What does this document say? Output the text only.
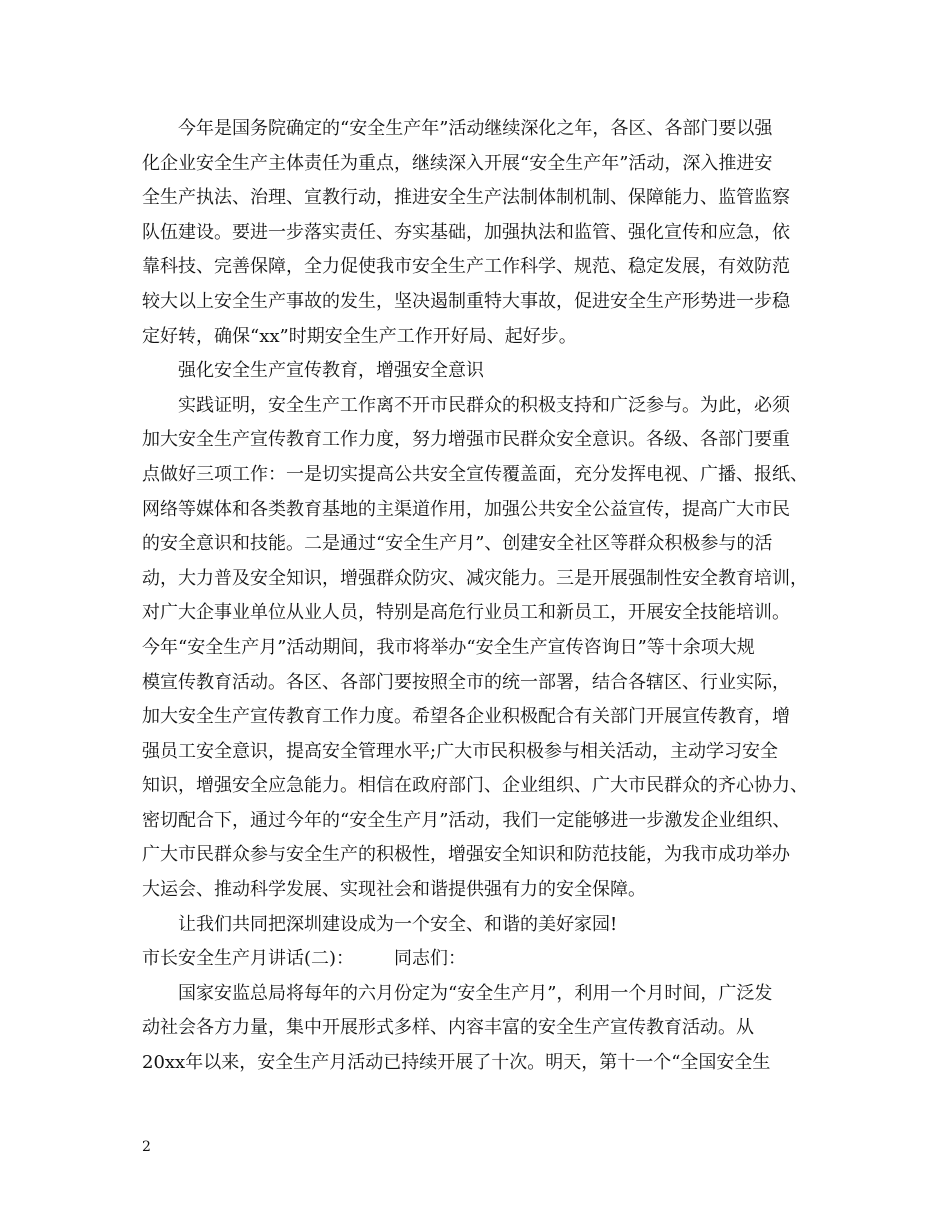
今年是国务院确定的“安全生产年”活动继续深化之年，各区、各部门要以强
化企业安全生产主体责任为重点，继续深入开展“安全生产年”活动，深入推进安
全生产执法、治理、宣教行动，推进安全生产法制体制机制、保障能力、监管监察
队伍建设。要进一步落实责任、夯实基础，加强执法和监管、强化宣传和应急，依
靠科技、完善保障，全力促使我市安全生产工作科学、规范、稳定发展，有效防范
较大以上安全生产事故的发生，坚决遏制重特大事故，促进安全生产形势进一步稳
定好转，确保“xx”时期安全生产工作开好局、起好步。
强化安全生产宣传教育，增强安全意识
实践证明，安全生产工作离不开市民群众的积极支持和广泛参与。为此，必须
加大安全生产宣传教育工作力度，努力增强市民群众安全意识。各级、各部门要重
点做好三项工作：一是切实提高公共安全宣传覆盖面，充分发挥电视、广播、报纸、
网络等媒体和各类教育基地的主渠道作用，加强公共安全公益宣传，提高广大市民
的安全意识和技能。二是通过“安全生产月”、创建安全社区等群众积极参与的活
动，大力普及安全知识，增强群众防灾、减灾能力。三是开展强制性安全教育培训，
对广大企事业单位从业人员，特别是高危行业员工和新员工，开展安全技能培训。
今年“安全生产月”活动期间，我市将举办“安全生产宣传咨询日”等十余项大规
模宣传教育活动。各区、各部门要按照全市的统一部署，结合各辖区、行业实际，
加大安全生产宣传教育工作力度。希望各企业积极配合有关部门开展宣传教育，增
强员工安全意识，提高安全管理水平;广大市民积极参与相关活动，主动学习安全
知识，增强安全应急能力。相信在政府部门、企业组织、广大市民群众的齐心协力、
密切配合下，通过今年的“安全生产月”活动，我们一定能够进一步激发企业组织、
广大市民群众参与安全生产的积极性，增强安全知识和防范技能，为我市成功举办
大运会、推动科学发展、实现社会和谐提供强有力的安全保障。
让我们共同把深圳建设成为一个安全、和谐的美好家园!
市长安全生产月讲话(二)： 同志们：
国家安监总局将每年的六月份定为“安全生产月”，利用一个月时间，广泛发
动社会各方力量，集中开展形式多样、内容丰富的安全生产宣传教育活动。从
20xx年以来，安全生产月活动已持续开展了十次。明天，第十一个“全国安全生
2
